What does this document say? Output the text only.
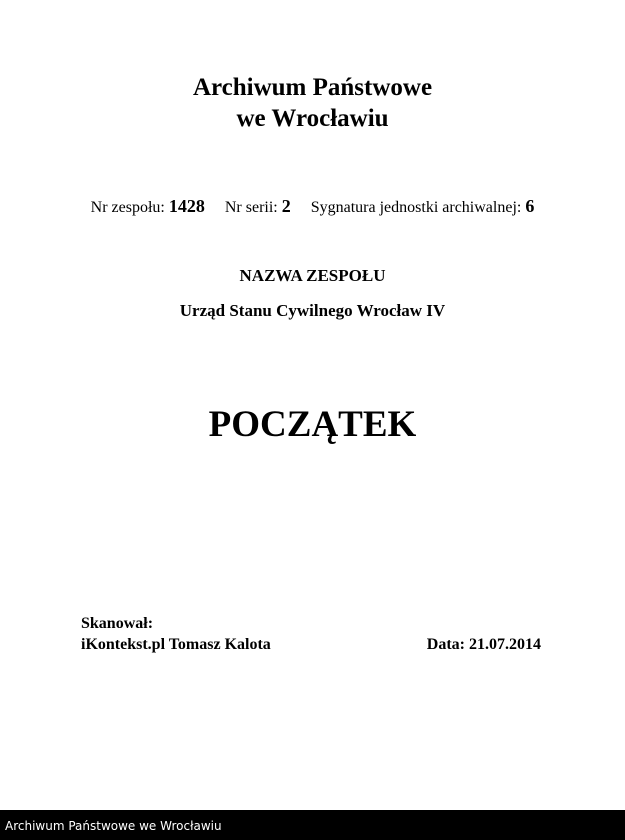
Archiwum Państwowe
we Wrocławiu
Nr zespołu: 1428 Nr serii: 2 Sygnatura jednostki archiwalnej: 6
NAZWA ZESPOŁU
Urząd Stanu Cywilnego Wrocław IV
POCZĄTEK
Skanował:
iKontekst.pl Tomasz Kalota	Data: 21.07.2014
Archiwum Państwowe we Wrocławiu
